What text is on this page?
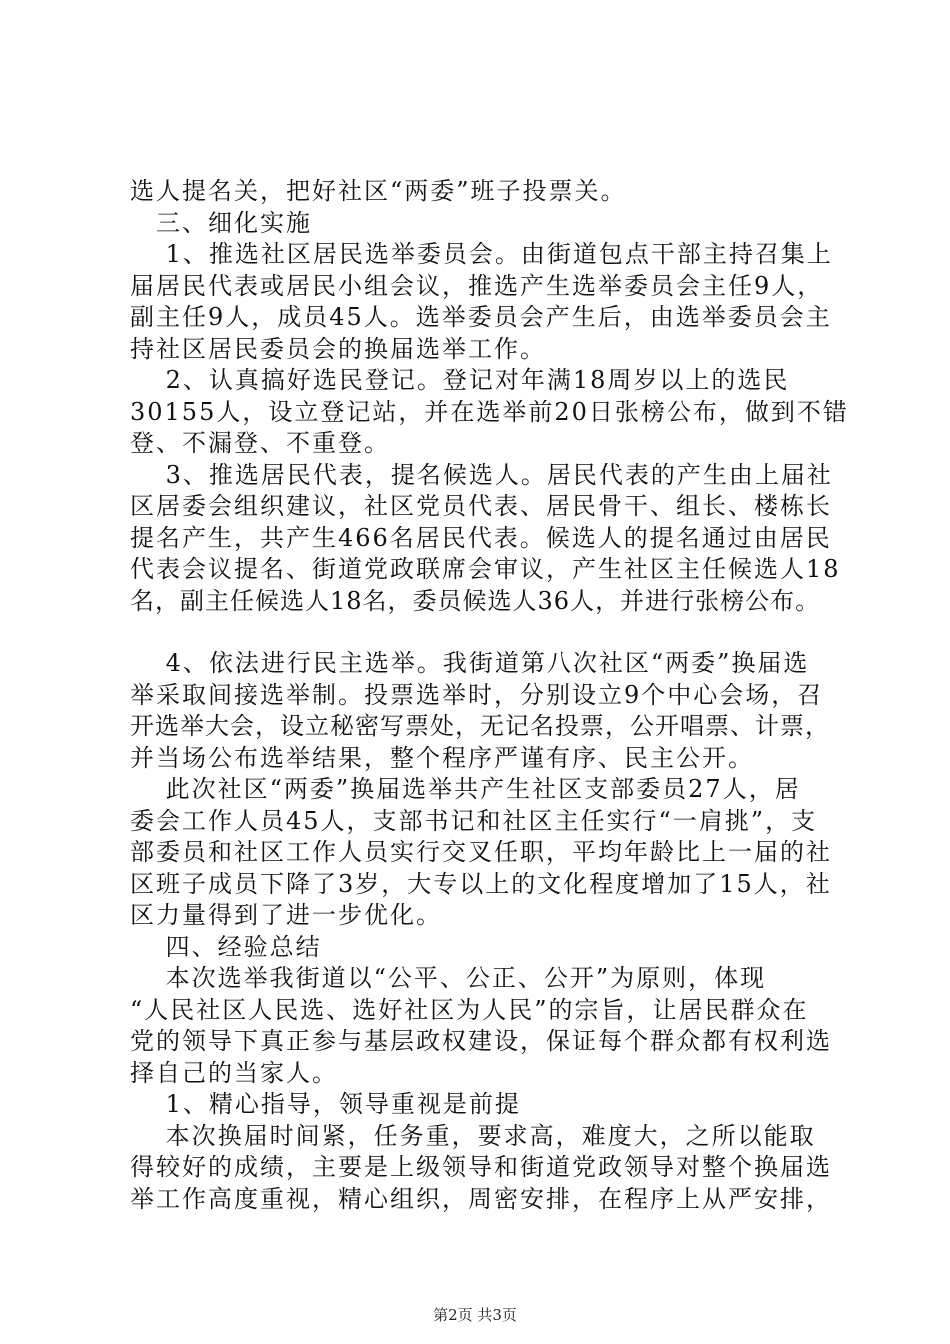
选人提名关，把好社区“两委”班子投票关。
　三、细化实施
　 1、推选社区居民选举委员会。由街道包点干部主持召集上
届居民代表或居民小组会议，推选产生选举委员会主任9人，
副主任9人，成员45人。选举委员会产生后，由选举委员会主
持社区居民委员会的换届选举工作。
　 2、认真搞好选民登记。登记对年满18周岁以上的选民
30155人，设立登记站，并在选举前20日张榜公布，做到不错
登、不漏登、不重登。
　 3、推选居民代表，提名候选人。居民代表的产生由上届社
区居委会组织建议，社区党员代表、居民骨干、组长、楼栋长
提名产生，共产生466名居民代表。候选人的提名通过由居民
代表会议提名、街道党政联席会审议，产生社区主任候选人18
名，副主任候选人18名，委员候选人36人，并进行张榜公布。
　 4、依法进行民主选举。我街道第八次社区“两委”换届选
举采取间接选举制。投票选举时，分别设立9个中心会场，召
开选举大会，设立秘密写票处，无记名投票，公开唱票、计票，
并当场公布选举结果，整个程序严谨有序、民主公开。
　 此次社区“两委”换届选举共产生社区支部委员27人，居
委会工作人员45人，支部书记和社区主任实行“一肩挑”，支
部委员和社区工作人员实行交叉任职，平均年龄比上一届的社
区班子成员下降了3岁，大专以上的文化程度增加了15人，社
区力量得到了进一步优化。
　 四、经验总结
　 本次选举我街道以“公平、公正、公开”为原则，体现
“人民社区人民选、选好社区为人民”的宗旨，让居民群众在
党的领导下真正参与基层政权建设，保证每个群众都有权利选
择自己的当家人。
　 1、精心指导，领导重视是前提
　 本次换届时间紧，任务重，要求高，难度大，之所以能取
得较好的成绩，主要是上级领导和街道党政领导对整个换届选
举工作高度重视，精心组织，周密安排，在程序上从严安排，
第2页 共3页
